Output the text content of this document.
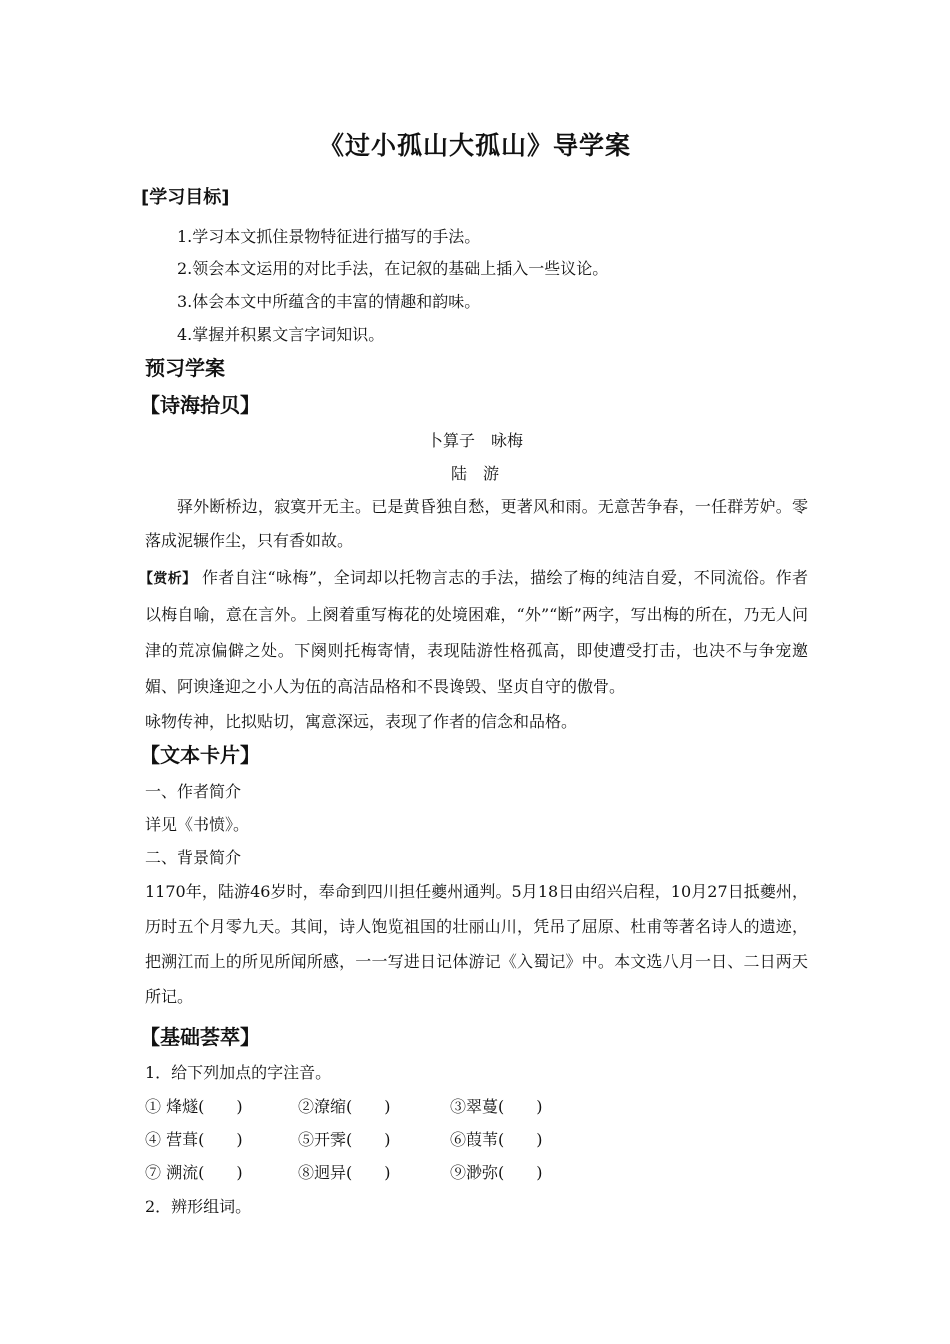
《过小孤山大孤山》导学案
[学习目标]
1.学习本文抓住景物特征进行描写的手法。
2.领会本文运用的对比手法，在记叙的基础上插入一些议论。
3.体会本文中所蕴含的丰富的情趣和韵味。
4.掌握并积累文言字词知识。
预习学案
【诗海拾贝】
卜算子　咏梅
陆　游
驿外断桥边，寂寞开无主。已是黄昏独自愁，更著风和雨。无意苦争春，一任群芳妒。零落成泥辗作尘，只有香如故。
【赏析】 作者自注“咏梅”，全词却以托物言志的手法，描绘了梅的纯洁自爱，不同流俗。作者以梅自喻，意在言外。上阕着重写梅花的处境困难，“外”“断”两字，写出梅的所在，乃无人问津的荒凉偏僻之处。下阕则托梅寄情，表现陆游性格孤高，即使遭受打击，也决不与争宠邀媚、阿谀逢迎之小人为伍的高洁品格和不畏谗毁、坚贞自守的傲骨。
咏物传神，比拟贴切，寓意深远，表现了作者的信念和品格。
【文本卡片】
一、作者简介
详见《书愤》。
二、背景简介
1170年，陆游46岁时，奉命到四川担任夔州通判。5月18日由绍兴启程，10月27日抵夔州，历时五个月零九天。其间，诗人饱览祖国的壮丽山川，凭吊了屈原、杜甫等著名诗人的遗迹，把溯江而上的所见所闻所感，一一写进日记体游记《入蜀记》中。本文选八月一日、二日两天所记。
【基础荟萃】
1．给下列加点的字注音。
① 烽燧(　　)	②潦缩(　　)	③翠蔓(　　)
④ 营葺(　　)	⑤开霁(　　)	⑥葭苇(　　)
⑦ 溯流(　　)	⑧迥异(　　)	⑨渺弥(　　)
2．辨形组词。
